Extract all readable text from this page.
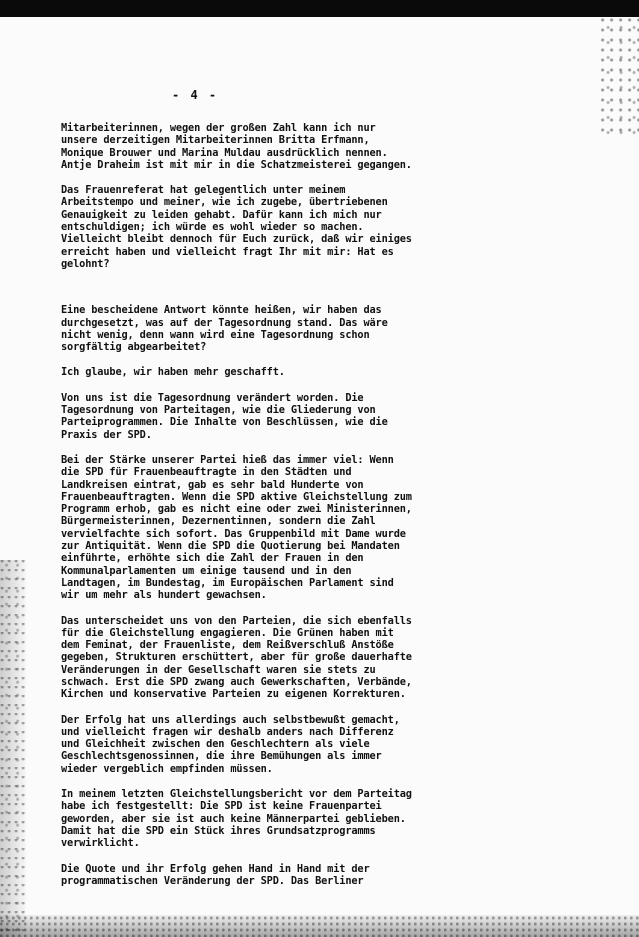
- 4 -

Mitarbeiterinnen, wegen der großen Zahl kann ich nur
unsere derzeitigen Mitarbeiterinnen Britta Erfmann,
Monique Brouwer und Marina Muldau ausdrücklich nennen.
Antje Draheim ist mit mir in die Schatzmeisterei gegangen.

Das Frauenreferat hat gelegentlich unter meinem
Arbeitstempo und meiner, wie ich zugebe, übertriebenen
Genauigkeit zu leiden gehabt. Dafür kann ich mich nur
entschuldigen; ich würde es wohl wieder so machen.
Vielleicht bleibt dennoch für Euch zurück, daß wir einiges
erreicht haben und vielleicht fragt Ihr mit mir: Hat es
gelohnt?

Eine bescheidene Antwort könnte heißen, wir haben das
durchgesetzt, was auf der Tagesordnung stand. Das wäre
nicht wenig, denn wann wird eine Tagesordnung schon
sorgfältig abgearbeitet?

Ich glaube, wir haben mehr geschafft.

Von uns ist die Tagesordnung verändert worden. Die
Tagesordnung von Parteitagen, wie die Gliederung von
Parteiprogrammen. Die Inhalte von Beschlüssen, wie die
Praxis der SPD.

Bei der Stärke unserer Partei hieß das immer viel: Wenn
die SPD für Frauenbeauftragte in den Städten und
Landkreisen eintrat, gab es sehr bald Hunderte von
Frauenbeauftragten. Wenn die SPD aktive Gleichstellung zum
Programm erhob, gab es nicht eine oder zwei Ministerinnen,
Bürgermeisterinnen, Dezernentinnen, sondern die Zahl
vervielfachte sich sofort. Das Gruppenbild mit Dame wurde
zur Antiquität. Wenn die SPD die Quotierung bei Mandaten
einführte, erhöhte sich die Zahl der Frauen in den
Kommunalparlamenten um einige tausend und in den
Landtagen, im Bundestag, im Europäischen Parlament sind
wir um mehr als hundert gewachsen.

Das unterscheidet uns von den Parteien, die sich ebenfalls
für die Gleichstellung engagieren. Die Grünen haben mit
dem Feminat, der Frauenliste, dem Reißverschluß Anstöße
gegeben, Strukturen erschüttert, aber für große dauerhafte
Veränderungen in der Gesellschaft waren sie stets zu
schwach. Erst die SPD zwang auch Gewerkschaften, Verbände,
Kirchen und konservative Parteien zu eigenen Korrekturen.

Der Erfolg hat uns allerdings auch selbstbewußt gemacht,
und vielleicht fragen wir deshalb anders nach Differenz
und Gleichheit zwischen den Geschlechtern als viele
Geschlechtsgenossinnen, die ihre Bemühungen als immer
wieder vergeblich empfinden müssen.

In meinem letzten Gleichstellungsbericht vor dem Parteitag
habe ich festgestellt: Die SPD ist keine Frauenpartei
geworden, aber sie ist auch keine Männerpartei geblieben.
Damit hat die SPD ein Stück ihres Grundsatzprogramms
verwirklicht.

Die Quote und ihr Erfolg gehen Hand in Hand mit der
programmatischen Veränderung der SPD. Das Berliner
